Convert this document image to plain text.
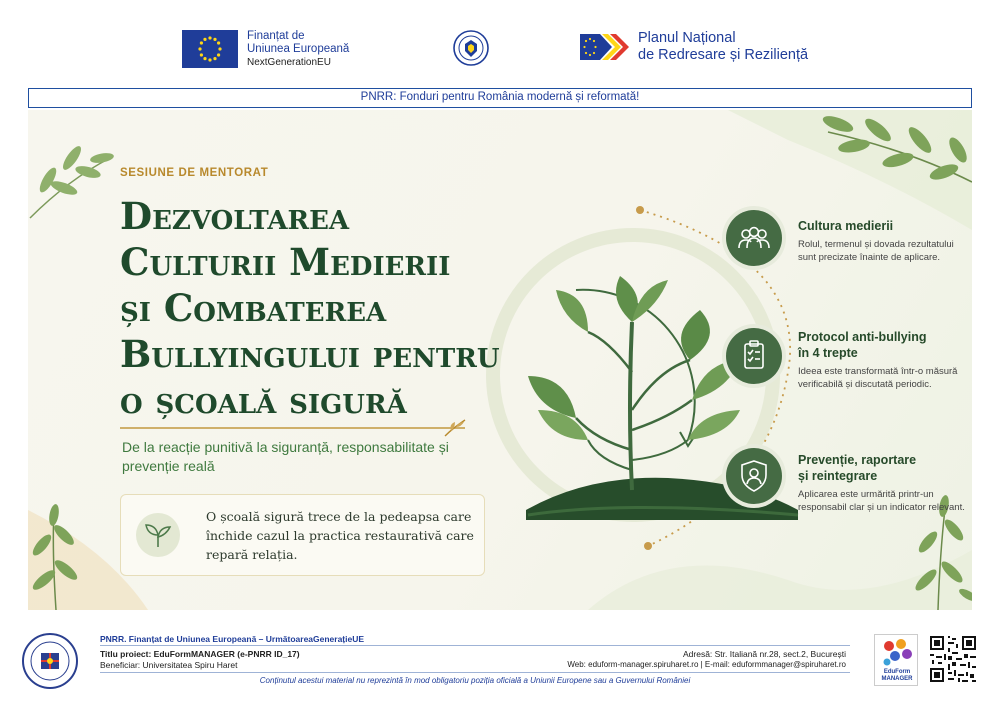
Finanțat de
Uniunea Europeană
NextGenerationEU
Planul Național
de Redresare și Reziliență
PNRR: Fonduri pentru România modernă și reformată!
SESIUNE DE MENTORAT
Dezvoltarea
Culturii Medierii
și Combaterea
Bullyingului pentru
o școală sigură
De la reacție punitivă la siguranță, responsabilitate și prevenție reală
O școală sigură trece de la pedeapsa care închide cazul la practica restaurativă care repară relația.
Cultura medierii
Rolul, termenul și dovada rezultatului sunt precizate înainte de aplicare.
Protocol anti-bullying
în 4 trepte
Ideea este transformată într-o măsură verificabilă și discutată periodic.
Prevenție, raportare
și reintegrare
Aplicarea este urmărită printr-un responsabil clar și un indicator relevant.
PNRR. Finanțat de Uniunea Europeană – UrmătoareaGenerațieUE
Titlu proiect: EduFormMANAGER (e-PNRR ID_17)
Beneficiar: Universitatea Spiru Haret
Adresă: Str. Italiană nr.28, sect.2, București
Web: eduform-manager.spiruharet.ro | E-mail: eduformmanager@spiruharet.ro
Conținutul acestui material nu reprezintă în mod obligatoriu poziția oficială a Uniunii Europene sau a Guvernului României
EduForm MANAGER
